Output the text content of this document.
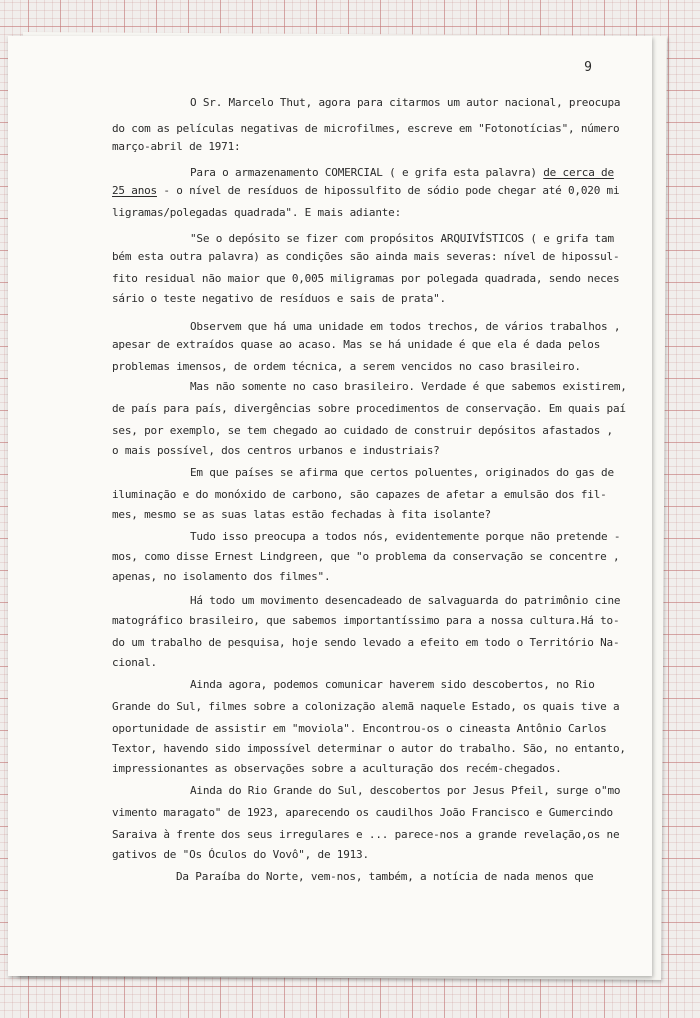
9
O Sr. Marcelo Thut, agora para citarmos um autor nacional, preocupa
do com as películas negativas de microfilmes, escreve em "Fotonotícias", número
março-abril de 1971:
Para o armazenamento COMERCIAL ( e grifa esta palavra) de cerca de
25 anos - o nível de resíduos de hipossulfito de sódio pode chegar até 0,020 mi
ligramas/polegadas quadrada". E mais adiante:
"Se o depósito se fizer com propósitos ARQUIVÍSTICOS ( e grifa tam
bém esta outra palavra) as condições são ainda mais severas: nível de hipossul-
fito residual não maior que 0,005 miligramas por polegada quadrada, sendo neces
sário o teste negativo de resíduos e sais de prata".
Observem que há uma unidade em todos trechos, de vários trabalhos ,
apesar de extraídos quase ao acaso. Mas se há unidade é que ela é dada pelos
problemas imensos, de ordem técnica, a serem vencidos no caso brasileiro.
Mas não somente no caso brasileiro. Verdade é que sabemos existirem,
de país para país, divergências sobre procedimentos de conservação. Em quais paí
ses, por exemplo, se tem chegado ao cuidado de construir depósitos afastados ,
o mais possível, dos centros urbanos e industriais?
Em que países se afirma que certos poluentes, originados do gas de
iluminação e do monóxido de carbono, são capazes de afetar a emulsão dos fil-
mes, mesmo se as suas latas estão fechadas à fita isolante?
Tudo isso preocupa a todos nós, evidentemente porque não pretende -
mos, como disse Ernest Lindgreen, que "o problema da conservação se concentre ,
apenas, no isolamento dos filmes".
Há todo um movimento desencadeado de salvaguarda do patrimônio cine
matográfico brasileiro, que sabemos importantíssimo para a nossa cultura.Há to-
do um trabalho de pesquisa, hoje sendo levado a efeito em todo o Território Na-
cional.
Ainda agora, podemos comunicar haverem sido descobertos, no Rio
Grande do Sul, filmes sobre a colonização alemã naquele Estado, os quais tive a
oportunidade de assistir em "moviola". Encontrou-os o cineasta Antônio Carlos
Textor, havendo sido impossível determinar o autor do trabalho. São, no entanto,
impressionantes as observações sobre a aculturação dos recém-chegados.
Ainda do Rio Grande do Sul, descobertos por Jesus Pfeil, surge o"mo
vimento maragato" de 1923, aparecendo os caudilhos João Francisco e Gumercindo
Saraiva à frente dos seus irregulares e ... parece-nos a grande revelação,os ne
gativos de "Os Óculos do Vovô", de 1913.
Da Paraíba do Norte, vem-nos, também, a notícia de nada menos que
